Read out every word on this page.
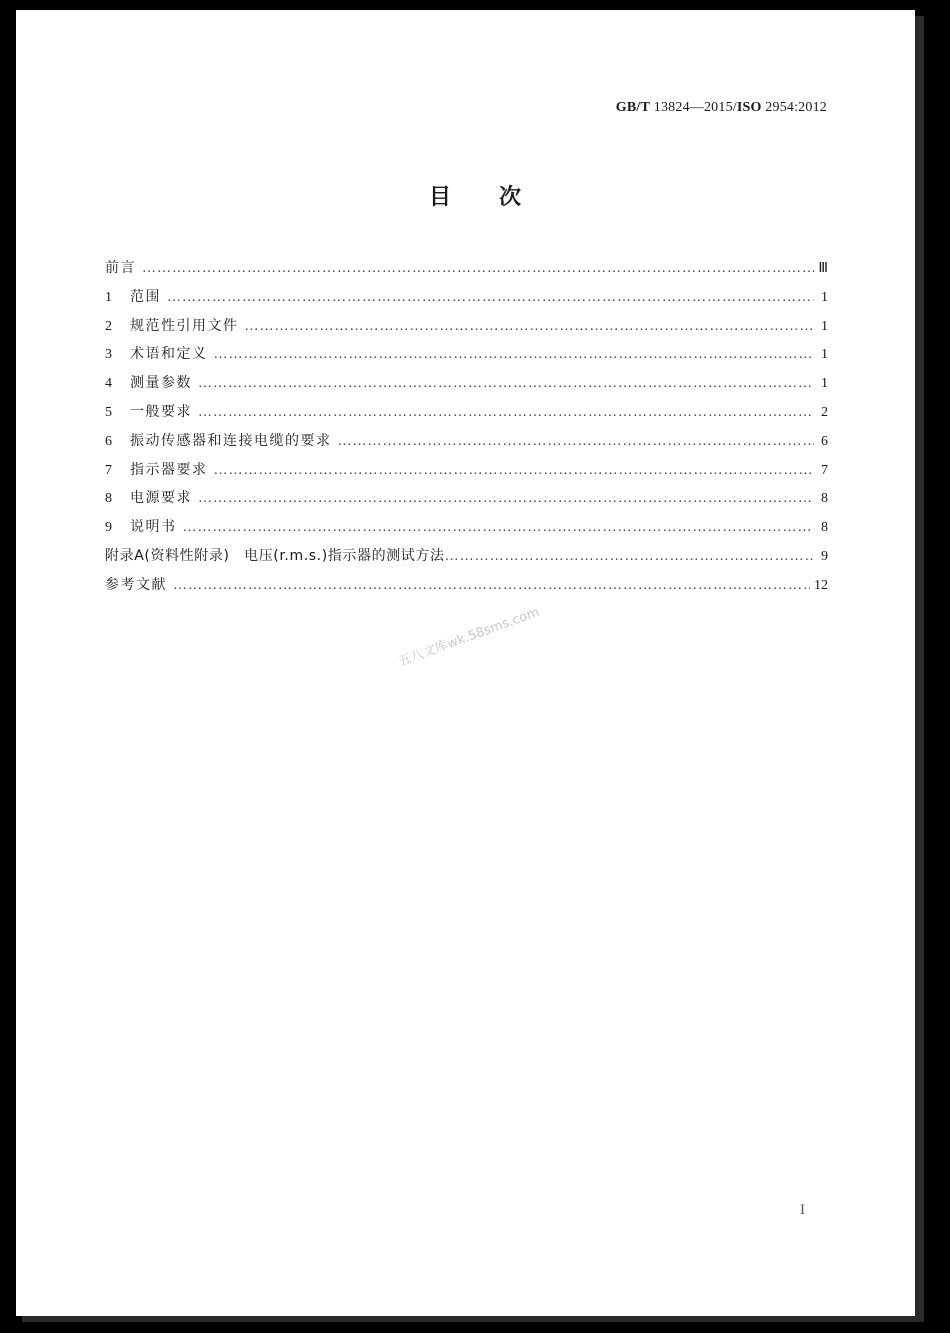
GB/T 13824—2015/ISO 2954:2012
目次
前言 ……………………………………………………………………………………………………………………………………………………………………………………………………	Ⅲ
1	范围 ……………………………………………………………………………………………………………………………………………………………………………………………………	1
2	规范性引用文件 ……………………………………………………………………………………………………………………………………………………………………………………………………	1
3	术语和定义 ……………………………………………………………………………………………………………………………………………………………………………………………………	1
4	测量参数 ……………………………………………………………………………………………………………………………………………………………………………………………………	1
5	一般要求 ……………………………………………………………………………………………………………………………………………………………………………………………………	2
6	振动传感器和连接电缆的要求 ……………………………………………………………………………………………………………………………………………………………………………………………………	6
7	指示器要求 ……………………………………………………………………………………………………………………………………………………………………………………………………	7
8	电源要求 ……………………………………………………………………………………………………………………………………………………………………………………………………	8
9	说明书 ……………………………………………………………………………………………………………………………………………………………………………………………………	8
附录A(资料性附录)　电压(r.m.s.)指示器的测试方法 ……………………………………………………………………………………………………………………………………………………………………………………………………	9
参考文献 ……………………………………………………………………………………………………………………………………………………………………………………………………	12
五八文库wk.58sms.com
I
